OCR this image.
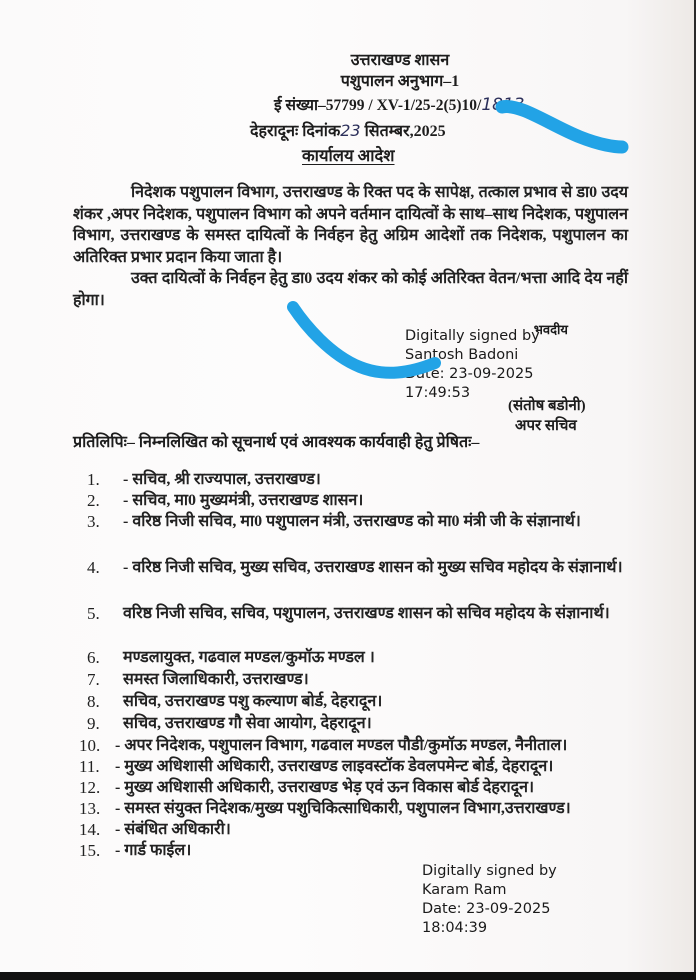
उत्तराखण्ड शासन
पशुपालन अनुभाग–1
ई संख्या–57799 / XV-1/25-2(5)10/1813
देहरादूनः दिनांक23 सितम्बर,2025
कार्यालय आदेश
निदेशक पशुपालन विभाग, उत्तराखण्ड के रिक्त पद के सापेक्ष, तत्काल प्रभाव से डा0 उदय शंकर ,अपर निदेशक, पशुपालन विभाग को अपने वर्तमान दायित्वों के साथ–साथ निदेशक, पशुपालन विभाग, उत्तराखण्ड के समस्त दायित्वों के निर्वहन हेतु अग्रिम आदेशों तक निदेशक, पशुपालन का अतिरिक्त प्रभार प्रदान किया जाता है।
उक्त दायित्वों के निर्वहन हेतु डा0 उदय शंकर को कोई अतिरिक्त वेतन/भत्ता आदि देय नहीं होगा।
Digitally signed byभवदीय
Santosh Badoni
Date: 23-09-2025
17:49:53
(संतोष बडोनी)
अपर सचिव
प्रतिलिपिः– निम्नलिखित को सूचनार्थ एवं आवश्यक कार्यवाही हेतु प्रेषितः–
1. - सचिव, श्री राज्यपाल, उत्तराखण्ड।
2. - सचिव, मा0 मुख्यमंत्री, उत्तराखण्ड शासन।
3. - वरिष्ठ निजी सचिव, मा0 पशुपालन मंत्री, उत्तराखण्ड को मा0 मंत्री जी के संज्ञानार्थ।
4. - वरिष्ठ निजी सचिव, मुख्य सचिव, उत्तराखण्ड शासन को मुख्य सचिव महोदय के संज्ञानार्थ।
5. वरिष्ठ निजी सचिव, सचिव, पशुपालन, उत्तराखण्ड शासन को सचिव महोदय के संज्ञानार्थ।
6. मण्डलायुक्त, गढवाल मण्डल/कुमॉऊ मण्डल ।
7. समस्त जिलाधिकारी, उत्तराखण्ड।
8. सचिव, उत्तराखण्ड पशु कल्याण बोर्ड, देहरादून।
9. सचिव, उत्तराखण्ड गौ सेवा आयोग, देहरादून।
10. - अपर निदेशक, पशुपालन विभाग, गढवाल मण्डल पौडी/कुमॉऊ मण्डल, नैनीताल।
11. - मुख्य अधिशासी अधिकारी, उत्तराखण्ड लाइवस्टॉक डेवलपमेन्ट बोर्ड, देहरादून।
12. - मुख्य अधिशासी अधिकारी, उत्तराखण्ड भेड़ एवं ऊन विकास बोर्ड देहरादून।
13. - समस्त संयुक्त निदेशक/मुख्य पशुचिकित्साधिकारी, पशुपालन विभाग,उत्तराखण्ड।
14. - संबंधित अधिकारी।
15. - गार्ड फाईल।
Digitally signed by
Karam Ram
Date: 23-09-2025
18:04:39
